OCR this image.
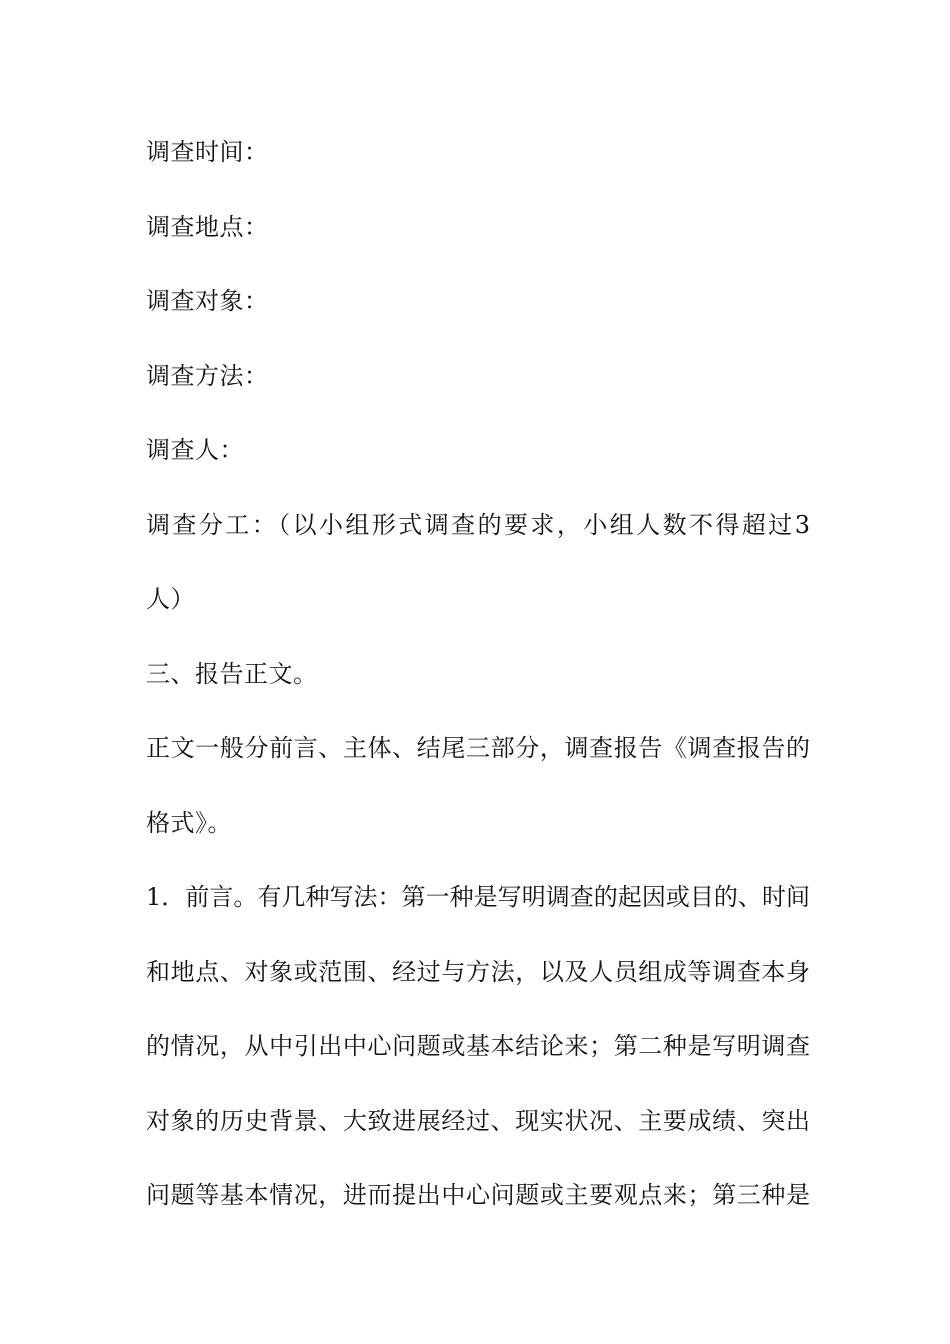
调查时间：
调查地点：
调查对象：
调查方法：
调查人：
调查分工：（以小组形式调查的要求，小组人数不得超过3
人）
三、报告正文。
正文一般分前言、主体、结尾三部分，调查报告《调查报告的
格式》。
1．前言。有几种写法：第一种是写明调查的起因或目的、时间
和地点、对象或范围、经过与方法，以及人员组成等调查本身
的情况，从中引出中心问题或基本结论来；第二种是写明调查
对象的历史背景、大致进展经过、现实状况、主要成绩、突出
问题等基本情况，进而提出中心问题或主要观点来；第三种是
